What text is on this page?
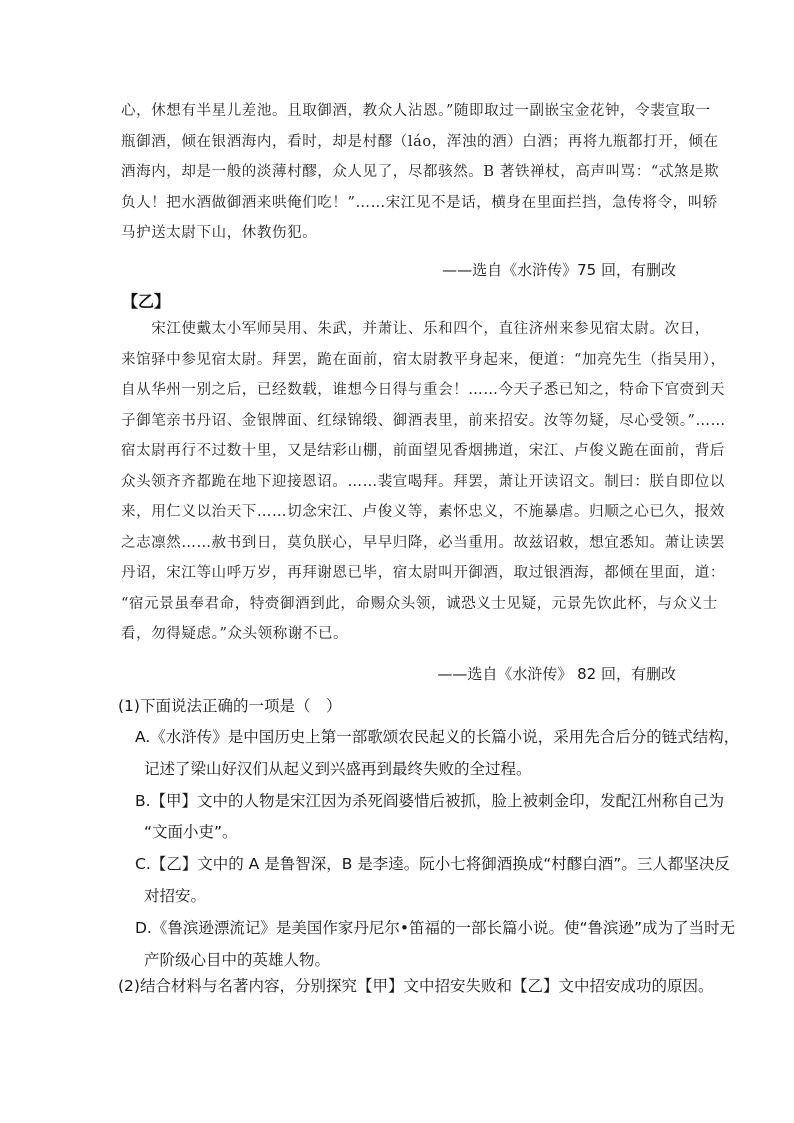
心，休想有半星儿差池。且取御酒，教众人沾恩。”随即取过一副嵌宝金花钟，令裴宣取一

瓶御酒，倾在银酒海内，看时，却是村醪（láo，浑浊的酒）白酒；再将九瓶都打开，倾在

酒海内，却是一般的淡薄村醪，众人见了，尽都骇然。B 著铁禅杖，高声叫骂：“忒煞是欺

负人！把水酒做御酒来哄俺们吃！”……宋江见不是话，横身在里面拦挡，急传将令，叫轿

马护送太尉下山，休教伤犯。

——选自《水浒传》75 回，有删改
【乙】

　　宋江使戴太小军师吴用、朱武，并萧让、乐和四个，直往济州来参见宿太尉。次日，

来馆驿中参见宿太尉。拜罢，跪在面前，宿太尉教平身起来，便道：“加亮先生（指吴用），

自从华州一别之后，已经数载，谁想今日得与重会！……今天子悉已知之，特命下官赍到天

子御笔亲书丹诏、金银牌面、红绿锦缎、御酒表里，前来招安。汝等勿疑，尽心受领。”……

宿太尉再行不过数十里，又是结彩山棚，前面望见香烟拂道，宋江、卢俊义跪在面前，背后

众头领齐齐都跪在地下迎接恩诏。……裴宣喝拜。拜罢，萧让开读诏文。制曰：朕自即位以

来，用仁义以治天下……切念宋江、卢俊义等，素怀忠义，不施暴虐。归顺之心已久，报效

之志凛然……赦书到日，莫负朕心，早早归降，必当重用。故兹诏敕，想宜悉知。萧让读罢

丹诏，宋江等山呼万岁，再拜谢恩已毕，宿太尉叫开御酒，取过银酒海，都倾在里面，道：

“宿元景虽奉君命，特赍御酒到此，命赐众头领，诚恐义士见疑，元景先饮此杯，与众义士

看，勿得疑虑。”众头领称谢不已。

——选自《水浒传》 82 回，有删改
(1)下面说法正确的一项是（　）

A.《水浒传》是中国历史上第一部歌颂农民起义的长篇小说，采用先合后分的链式结构，

记述了梁山好汉们从起义到兴盛再到最终失败的全过程。

B.【甲】文中的人物是宋江因为杀死阎婆惜后被抓，脸上被刺金印，发配江州称自己为

“文面小吏”。

C.【乙】文中的 A 是鲁智深，B 是李逵。阮小七将御酒换成“村醪白酒”。三人都坚决反

对招安。

D.《鲁滨逊漂流记》是美国作家丹尼尔•笛福的一部长篇小说。使“鲁滨逊”成为了当时无

产阶级心目中的英雄人物。

(2)结合材料与名著内容，分别探究【甲】文中招安失败和【乙】文中招安成功的原因。
